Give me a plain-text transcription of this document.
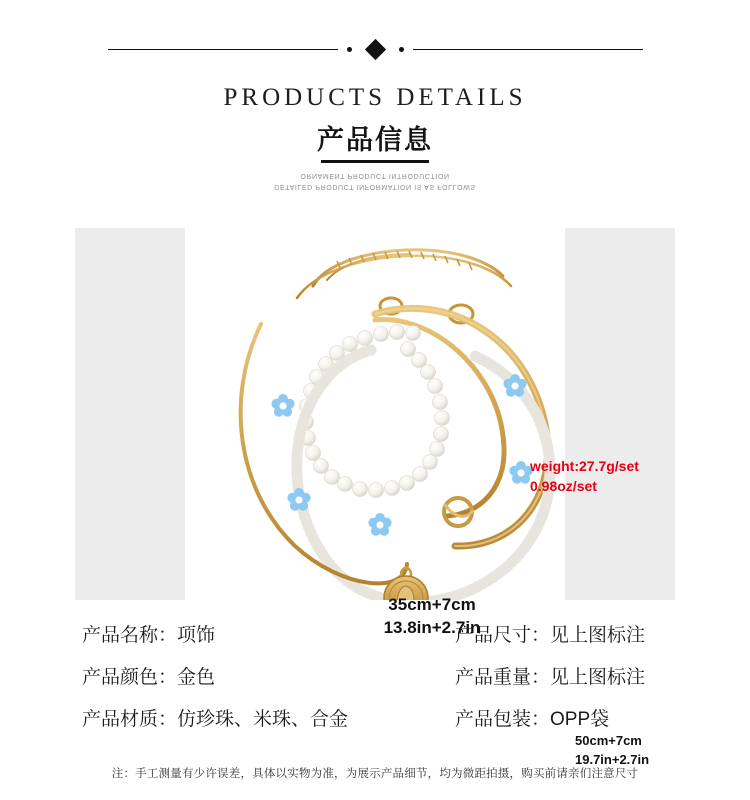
PRODUCTS DETAILS
产品信息
ORNAMENT PRODUCT INTRODUCTION
DETAILED PRODUCT INFORMATION IS AS FOLLOWS
weight:27.7g/set
0.98oz/set
35cm+7cm
13.8in+2.7in
50cm+7cm
19.7in+2.7in
产品名称： 项饰
产品颜色： 金色
产品材质： 仿珍珠、米珠、合金
产品尺寸： 见上图标注
产品重量： 见上图标注
产品包装： OPP袋
注：手工测量有少许误差，具体以实物为准，为展示产品细节，均为微距拍摄，购买前请亲们注意尺寸
